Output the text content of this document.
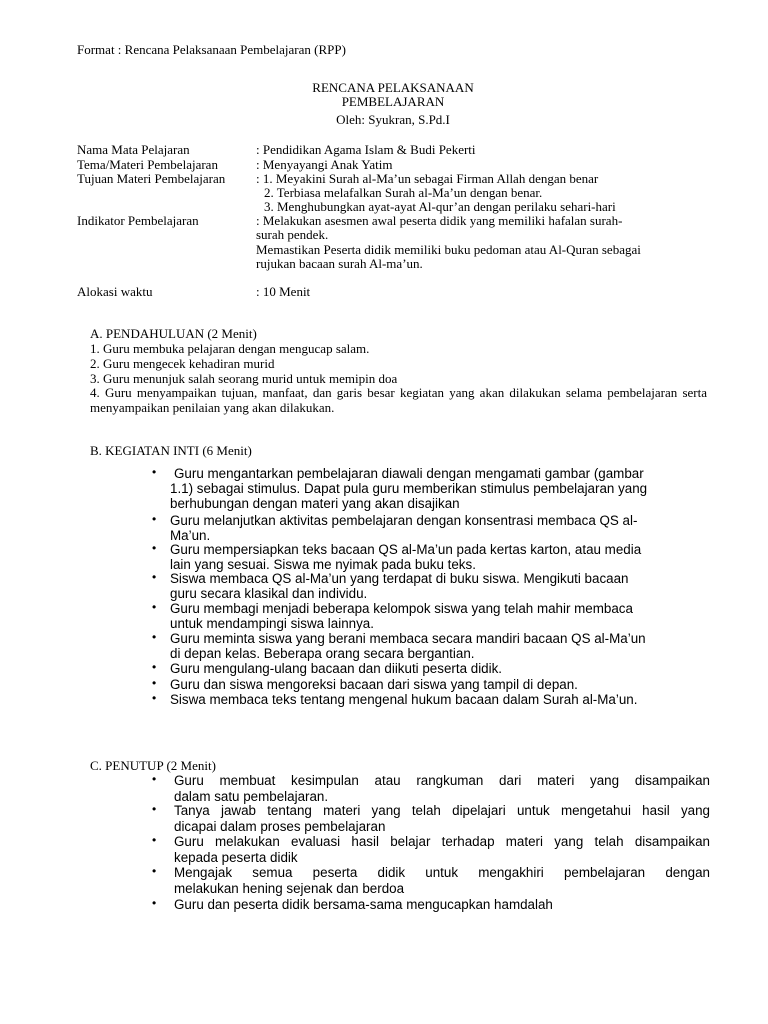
Format : Rencana Pelaksanaan Pembelajaran (RPP)
RENCANA PELAKSANAAN
PEMBELAJARAN
Oleh: Syukran, S.Pd.I
Nama Mata Pelajaran	: Pendidikan Agama Islam & Budi Pekerti
Tema/Materi Pembelajaran	: Menyayangi Anak Yatim
Tujuan Materi Pembelajaran : 1. Meyakini Surah al-Ma’un sebagai Firman Allah dengan benar
2. Terbiasa melafalkan Surah al-Ma’un dengan benar.
3. Menghubungkan ayat-ayat Al-qur’an dengan perilaku sehari-hari
Indikator Pembelajaran	: Melakukan asesmen awal peserta didik yang memiliki hafalan surah-
surah pendek.
Memastikan Peserta didik memiliki buku pedoman atau Al-Quran sebagai
rujukan bacaan surah Al-ma’un.
Alokasi waktu	: 10 Menit
A. PENDAHULUAN (2 Menit)
1. Guru membuka pelajaran dengan mengucap salam.
2. Guru mengecek kehadiran murid
3. Guru menunjuk salah seorang murid untuk memipin doa
4. Guru menyampaikan tujuan, manfaat, dan garis besar kegiatan yang akan dilakukan selama pembelajaran serta menyampaikan penilaian yang akan dilakukan.
B. KEGIATAN INTI (6 Menit)
• Guru mengantarkan pembelajaran diawali dengan mengamati gambar (gambar
1.1) sebagai stimulus. Dapat pula guru memberikan stimulus pembelajaran yang
berhubungan dengan materi yang akan disajikan
• Guru melanjutkan aktivitas pembelajaran dengan konsentrasi membaca QS al-
Ma’un.
• Guru mempersiapkan teks bacaan QS al-Ma’un pada kertas karton, atau media
lain yang sesuai. Siswa me nyimak pada buku teks.
• Siswa membaca QS al-Ma’un yang terdapat di buku siswa. Mengikuti bacaan
guru secara klasikal dan individu.
• Guru membagi menjadi beberapa kelompok siswa yang telah mahir membaca
untuk mendampingi siswa lainnya.
• Guru meminta siswa yang berani membaca secara mandiri bacaan QS al-Ma’un
di depan kelas. Beberapa orang secara bergantian.
• Guru mengulang-ulang bacaan dan diikuti peserta didik.
• Guru dan siswa mengoreksi bacaan dari siswa yang tampil di depan.
• Siswa membaca teks tentang mengenal hukum bacaan dalam Surah al-Ma’un.
C. PENUTUP (2 Menit)
• Guru membuat kesimpulan atau rangkuman dari materi yang disampaikan
dalam satu pembelajaran.
• Tanya jawab tentang materi yang telah dipelajari untuk mengetahui hasil yang
dicapai dalam proses pembelajaran
• Guru melakukan evaluasi hasil belajar terhadap materi yang telah disampaikan
kepada peserta didik
• Mengajak semua peserta didik untuk mengakhiri pembelajaran dengan
melakukan hening sejenak dan berdoa
• Guru dan peserta didik bersama-sama mengucapkan hamdalah
